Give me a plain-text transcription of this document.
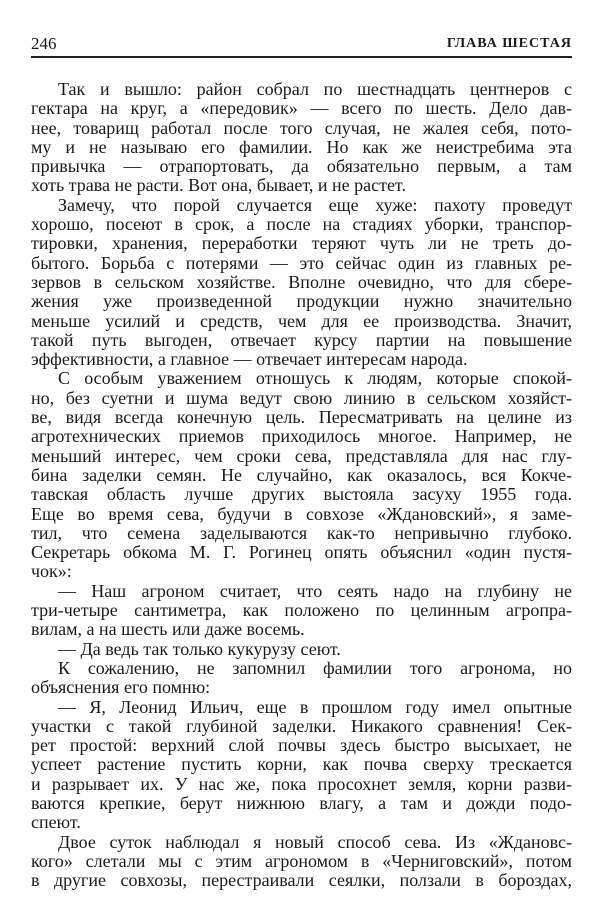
246	ГЛАВА ШЕСТАЯ
Так и вышло: район собрал по шестнадцать центнеров с
гектара на круг, а «передовик» — всего по шесть. Дело дав-
нее, товарищ работал после того случая, не жалея себя, пото-
му и не называю его фамилии. Но как же неистребима эта
привычка — отрапортовать, да обязательно первым, а там
хоть трава не расти. Вот она, бывает, и не растет.
Замечу, что порой случается еще хуже: пахоту проведут
хорошо, посеют в срок, а после на стадиях уборки, транспор-
тировки, хранения, переработки теряют чуть ли не треть до-
бытого. Борьба с потерями — это сейчас один из главных ре-
зервов в сельском хозяйстве. Вполне очевидно, что для сбере-
жения уже произведенной продукции нужно значительно
меньше усилий и средств, чем для ее производства. Значит,
такой путь выгоден, отвечает курсу партии на повышение
эффективности, а главное — отвечает интересам народа.
С особым уважением отношусь к людям, которые спокой-
но, без суетни и шума ведут свою линию в сельском хозяйст-
ве, видя всегда конечную цель. Пересматривать на целине из
агротехнических приемов приходилось многое. Например, не
меньший интерес, чем сроки сева, представляла для нас глу-
бина заделки семян. Не случайно, как оказалось, вся Кокче-
тавская область лучше других выстояла засуху 1955 года.
Еще во время сева, будучи в совхозе «Ждановский», я заме-
тил, что семена заделываются как-то непривычно глубоко.
Секретарь обкома М. Г. Рогинец опять объяснил «один пустя-
чок»:
— Наш агроном считает, что сеять надо на глубину не
три-четыре сантиметра, как положено по целинным агропра-
вилам, а на шесть или даже восемь.
— Да ведь так только кукурузу сеют.
К сожалению, не запомнил фамилии того агронома, но
объяснения его помню:
— Я, Леонид Ильич, еще в прошлом году имел опытные
участки с такой глубиной заделки. Никакого сравнения! Сек-
рет простой: верхний слой почвы здесь быстро высыхает, не
успеет растение пустить корни, как почва сверху трескается
и разрывает их. У нас же, пока просохнет земля, корни разви-
ваются крепкие, берут нижнюю влагу, а там и дожди подо-
спеют.
Двое суток наблюдал я новый способ сева. Из «Ждановс-
кого» слетали мы с этим агрономом в «Черниговский», потом
в другие совхозы, перестраивали сеялки, ползали в бороздах,
